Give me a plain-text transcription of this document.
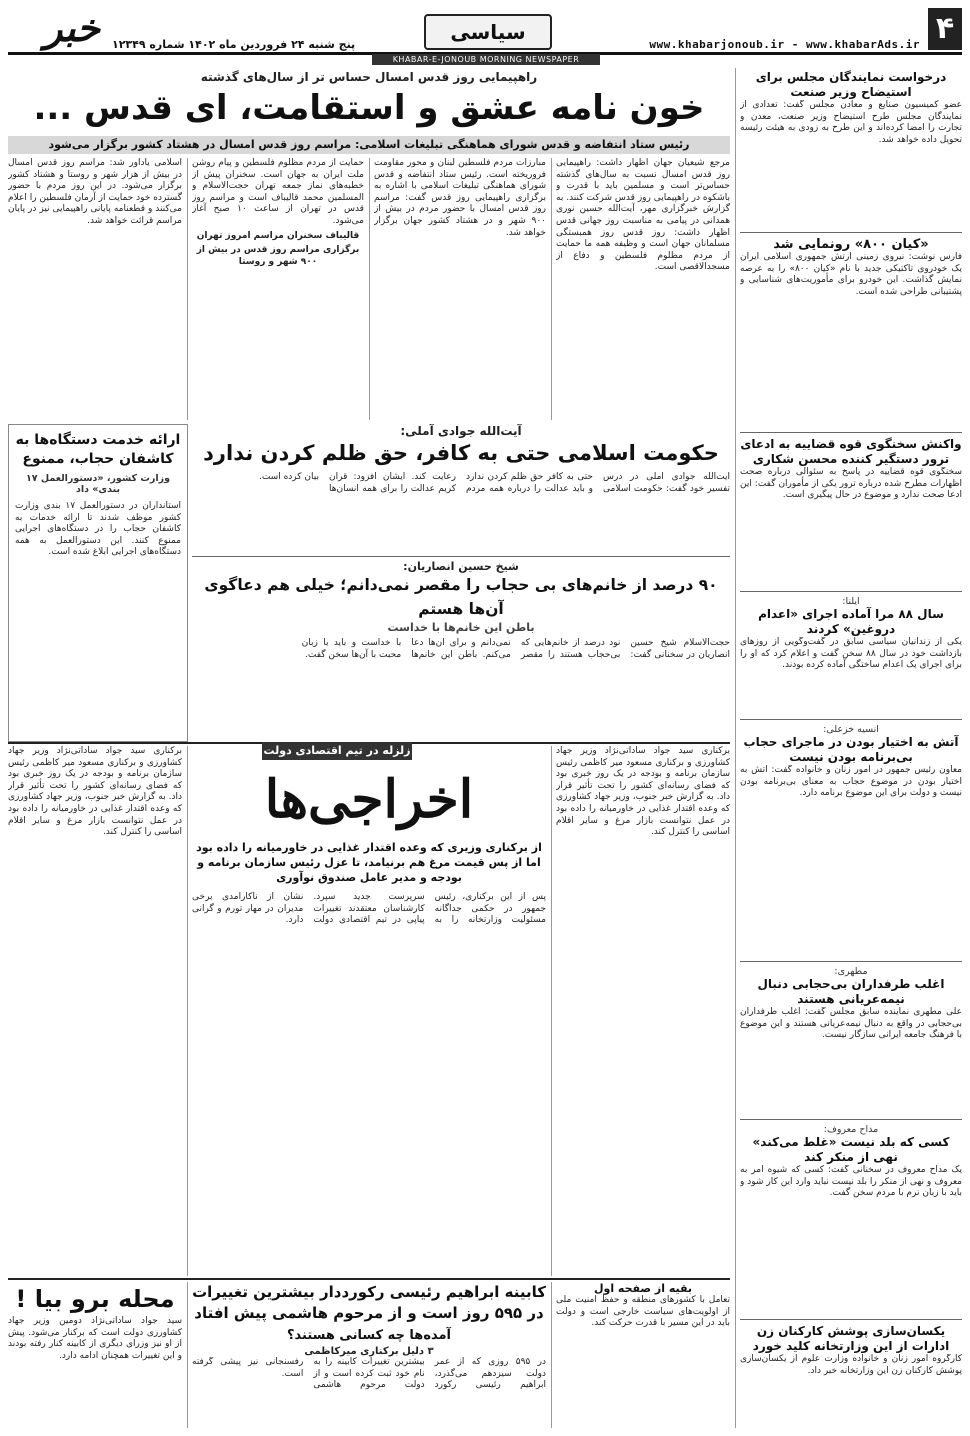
۴
www.khabarjonoub.ir - www.khabarAds.ir
سیاسی
خبر پنج شنبه ۲۴ فروردین ماه ۱۴۰۲ شماره ۱۲۳۴۹
KHABAR-E-JONOUB MORNING NEWSPAPER
درخواست نمایندگان مجلس برای استیضاح وزیر صنعت
عضو کمیسیون صنایع و معادن مجلس گفت: تعدادی از نمایندگان مجلس طرح استیضاح وزیر صنعت، معدن و تجارت را امضا کرده‌اند و این طرح به زودی به هیئت رئیسه تحویل داده خواهد شد.
«کیان ۸۰۰» رونمایی شد
فارس نوشت: نیروی زمینی ارتش جمهوری اسلامی ایران یک خودروی تاکتیکی جدید با نام «کیان ۸۰۰» را به عرصه نمایش گذاشت. این خودرو برای مأموریت‌های شناسایی و پشتیبانی طراحی شده است.
واکنش سخنگوی قوه قضاییه به ادعای ترور دستگیر کننده محسن شکاری
سخنگوی قوه قضاییه در پاسخ به سئوالی درباره صحت اظهارات مطرح شده درباره ترور یکی از مأموران گفت: این ادعا صحت ندارد و موضوع در حال پیگیری است.
ایلنا:
سال ۸۸ مرا آماده اجرای «اعدام دروغین» کردند
یکی از زندانیان سیاسی سابق در گفت‌وگویی از روزهای بازداشت خود در سال ۸۸ سخن گفت و اعلام کرد که او را برای اجرای یک اعدام ساختگی آماده کرده بودند.
انسیه خزعلی:
آتش به اختیار بودن در ماجرای حجاب بی‌برنامه بودن نیست
معاون رئیس جمهور در امور زنان و خانواده گفت: آتش به اختیار بودن در موضوع حجاب به معنای بی‌برنامه بودن نیست و دولت برای این موضوع برنامه دارد.
مطهری:
اغلب طرفداران بی‌حجابی دنبال نیمه‌عریانی هستند
علی مطهری نماینده سابق مجلس گفت: اغلب طرفداران بی‌حجابی در واقع به دنبال نیمه‌عریانی هستند و این موضوع با فرهنگ جامعه ایرانی سازگار نیست.
مداح معروف:
کسی که بلد نیست «غلط می‌کند» نهی از منکر کند
یک مداح معروف در سخنانی گفت: کسی که شیوه امر به معروف و نهی از منکر را بلد نیست نباید وارد این کار شود و باید با زبان نرم با مردم سخن گفت.
یکسان‌سازی پوشش کارکنان زن ادارات از این وزارتخانه کلید خورد
کارگروه امور زنان و خانواده وزارت علوم از یکسان‌سازی پوشش کارکنان زن این وزارتخانه خبر داد.
راهپیمایی روز قدس امسال حساس تر از سال‌های گذشته
خون نامه عشق و استقامت، ای قدس ...
رئیس ستاد انتفاضه و قدس شورای هماهنگی تبلیغات اسلامی: مراسم روز قدس امسال در هشتاد کشور برگزار می‌شود

مرجع شیعیان جهان اظهار داشت: راهپیمایی روز قدس امسال نسبت به سال‌های گذشته حساس‌تر است و مسلمین باید با قدرت و باشکوه در راهپیمایی روز قدس شرکت کنند. به گزارش خبرگزاری مهر، آیت‌الله حسین نوری همدانی در پیامی به مناسبت روز جهانی قدس اظهار داشت: روز قدس روز همبستگی مسلمانان جهان است و وظیفه همه ما حمایت از مردم مظلوم فلسطین و دفاع از مسجدالاقصی است.

مبارزات مردم فلسطین لبنان و محور مقاومت فروریخته است. رئیس ستاد انتفاضه و قدس شورای هماهنگی تبلیغات اسلامی با اشاره به برگزاری راهپیمایی روز قدس گفت: مراسم روز قدس امسال با حضور مردم در بیش از ۹۰۰ شهر و در هشتاد کشور جهان برگزار خواهد شد.

حمایت از مردم مظلوم فلسطین و پیام روشن ملت ایران به جهان است. سخنران پیش از خطبه‌های نماز جمعه تهران حجت‌الاسلام و المسلمین محمد قالیباف است و مراسم روز قدس در تهران از ساعت ۱۰ صبح آغاز می‌شود.

قالیباف سخنران مراسم امروز تهران

برگزاری مراسم روز قدس در بیش از ۹۰۰ شهر و روستا

اسلامی یادآور شد: مراسم روز قدس امسال در بیش از هزار شهر و روستا و هشتاد کشور برگزار می‌شود. در این روز مردم با حضور گسترده خود حمایت از آرمان فلسطین را اعلام می‌کنند و قطعنامه پایانی راهپیمایی نیز در پایان مراسم قرائت خواهد شد.

ارائه خدمت دستگاه‌ها به کاشفان حجاب، ممنوع
وزارت کشور، «دستورالعمل ۱۷ بندی» داد
استانداران در دستورالعمل ۱۷ بندی وزارت کشور موظف شدند تا ارائه خدمات به کاشفان حجاب را در دستگاه‌های اجرایی ممنوع کنند. این دستورالعمل به همه دستگاه‌های اجرایی ابلاغ شده است.
آیت‌الله جوادی آملی:
حکومت اسلامی حتی به کافر، حق ظلم کردن ندارد
آیت‌الله جوادی آملی در درس تفسیر خود گفت: حکومت اسلامی حتی به کافر حق ظلم کردن ندارد و باید عدالت را درباره همه مردم رعایت کند. ایشان افزود: قرآن کریم عدالت را برای همه انسان‌ها بیان کرده است.
شیخ حسین انصاریان:
۹۰ درصد از خانم‌های بی حجاب را مقصر نمی‌دانم؛ خیلی هم دعاگوی آن‌ها هستم
باطن این خانم‌ها با خداست
حجت‌الاسلام شیخ حسین انصاریان در سخنانی گفت: نود درصد از خانم‌هایی که بی‌حجاب هستند را مقصر نمی‌دانم و برای آن‌ها دعا می‌کنم. باطن این خانم‌ها با خداست و باید با زبان محبت با آن‌ها سخن گفت.
زلزله در تیم اقتصادی دولت
اخراجی‌ها
از برکناری وزیری که وعده اقتدار غذایی در خاورمیانه را داده بود اما از پس قیمت مرغ هم برنیامد، تا عزل رئیس سازمان برنامه و بودجه و مدیر عامل صندوق نوآوری

برکناری سید جواد ساداتی‌نژاد وزیر جهاد کشاورزی و برکناری مسعود میر کاظمی رئیس سازمان برنامه و بودجه در یک روز خبری بود که فضای رسانه‌ای کشور را تحت تأثیر قرار داد. به گزارش خبر جنوب، وزیر جهاد کشاورزی که وعده اقتدار غذایی در خاورمیانه را داده بود در عمل نتوانست بازار مرغ و سایر اقلام اساسی را کنترل کند.

پس از این برکناری، رئیس جمهور در حکمی جداگانه مسئولیت وزارتخانه را به سرپرست جدید سپرد. کارشناسان معتقدند تغییرات پیاپی در تیم اقتصادی دولت نشان از ناکارآمدی برخی مدیران در مهار تورم و گرانی دارد.

برکناری سید جواد ساداتی‌نژاد وزیر جهاد کشاورزی و برکناری مسعود میر کاظمی رئیس سازمان برنامه و بودجه در یک روز خبری بود که فضای رسانه‌ای کشور را تحت تأثیر قرار داد. به گزارش خبر جنوب، وزیر جهاد کشاورزی که وعده اقتدار غذایی در خاورمیانه را داده بود در عمل نتوانست بازار مرغ و سایر اقلام اساسی را کنترل کند.

بقیه از صفحه اول
تعامل با کشورهای منطقه و حفظ امنیت ملی از اولویت‌های سیاست خارجی است و دولت باید در این مسیر با قدرت حرکت کند.
کابینه ابراهیم رئیسی رکورددار بیشترین تغییرات در ۵۹۵ روز است و از مرحوم هاشمی پیش افتاد
آمده‌ها چه کسانی هستند؟
۳ دلیل برکناری میرکاظمی
در ۵۹۵ روزی که از عمر دولت سیزدهم می‌گذرد، ابراهیم رئیسی رکورد بیشترین تغییرات کابینه را به نام خود ثبت کرده است و از دولت مرحوم هاشمی رفسنجانی نیز پیشی گرفته است.
محله برو بیا !
سید جواد ساداتی‌نژاد دومین وزیر جهاد کشاورزی دولت است که برکنار می‌شود. پیش از او نیز وزرای دیگری از کابینه کنار رفته بودند و این تغییرات همچنان ادامه دارد.
